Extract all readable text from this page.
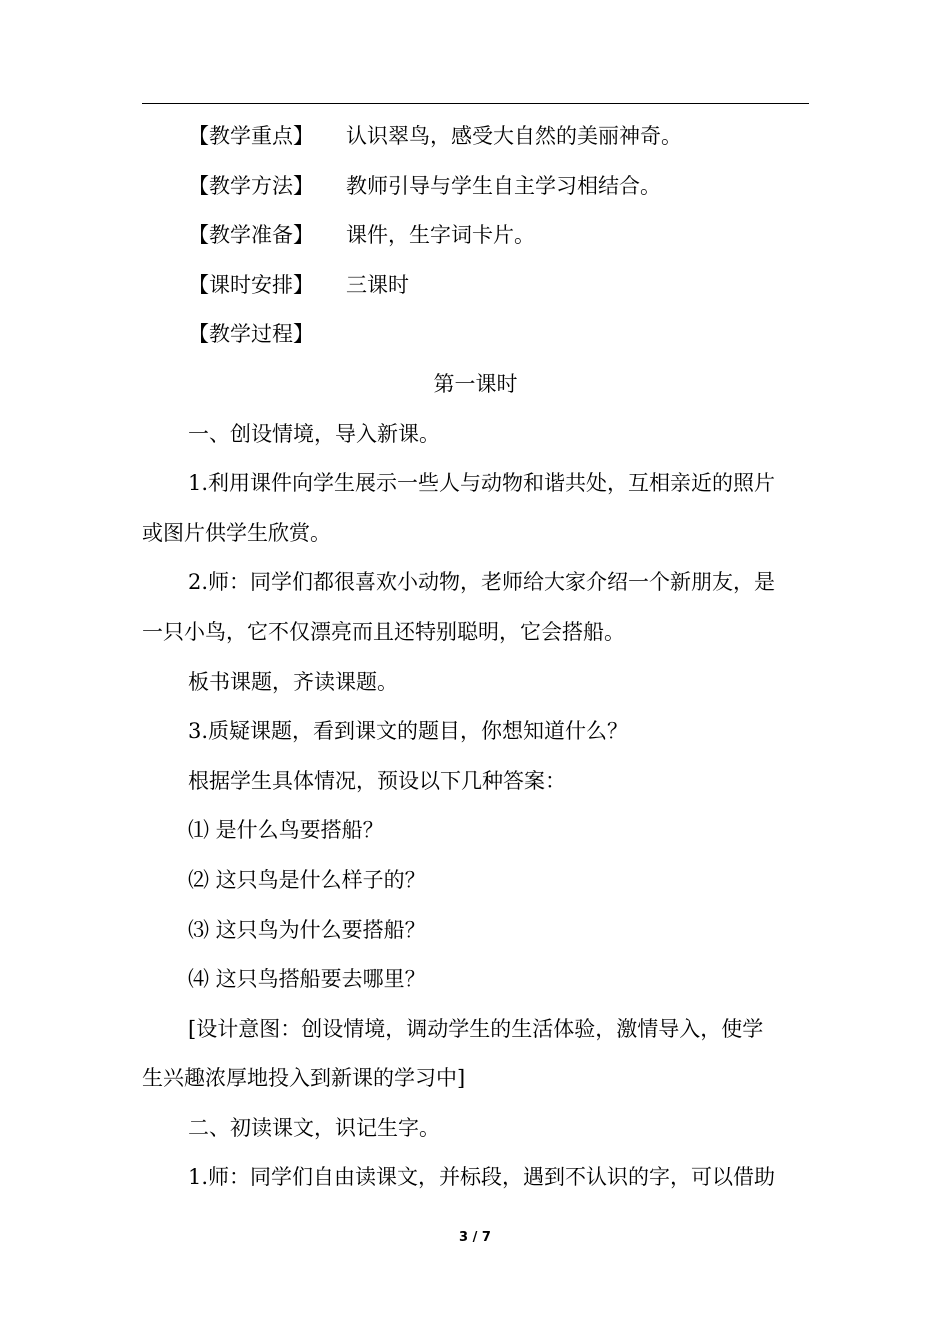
【教学重点】 认识翠鸟，感受大自然的美丽神奇。
【教学方法】 教师引导与学生自主学习相结合。
【教学准备】 课件，生字词卡片。
【课时安排】 三课时
【教学过程】
第一课时
一、创设情境，导入新课。
1.利用课件向学生展示一些人与动物和谐共处，互相亲近的照片
或图片供学生欣赏。
2.师：同学们都很喜欢小动物，老师给大家介绍一个新朋友，是
一只小鸟，它不仅漂亮而且还特别聪明，它会搭船。
板书课题，齐读课题。
3.质疑课题，看到课文的题目，你想知道什么？
根据学生具体情况，预设以下几种答案：
⑴ 是什么鸟要搭船？
⑵ 这只鸟是什么样子的？
⑶ 这只鸟为什么要搭船？
⑷ 这只鸟搭船要去哪里？
[设计意图：创设情境，调动学生的生活体验，激情导入，使学
生兴趣浓厚地投入到新课的学习中]
二、初读课文，识记生字。
1.师：同学们自由读课文，并标段，遇到不认识的字，可以借助
3 / 7
